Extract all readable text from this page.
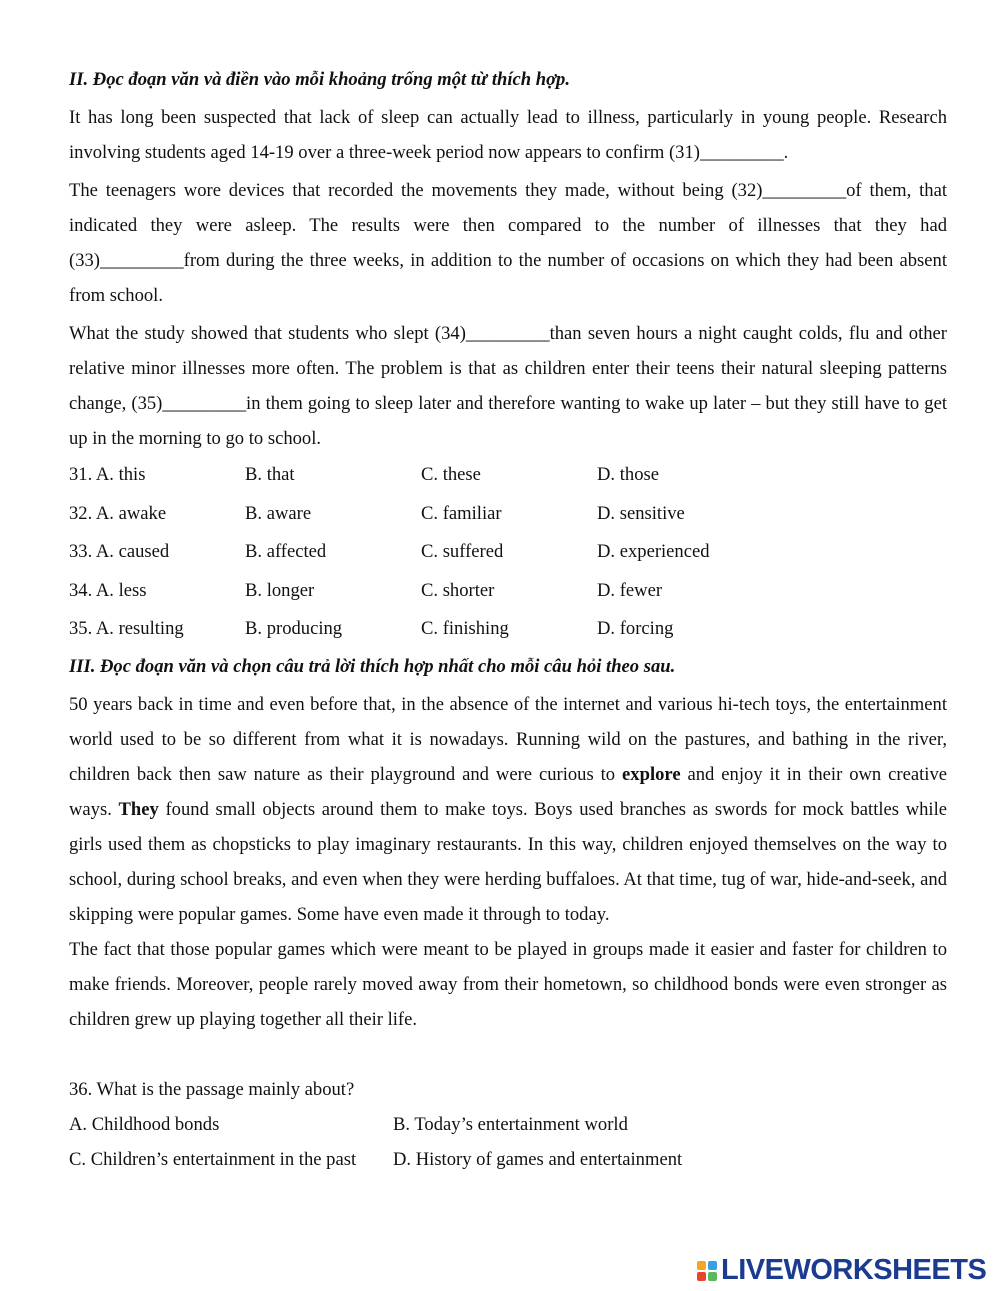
II. Đọc đoạn văn và điền vào mỗi khoảng trống một từ thích hợp.

It has long been suspected that lack of sleep can actually lead to illness, particularly in young people. Research involving students aged 14-19 over a three-week period now appears to confirm (31)_________.

The teenagers wore devices that recorded the movements they made, without being (32)_________of them, that indicated they were asleep. The results were then compared to the number of illnesses that they had (33)_________from during the three weeks, in addition to the number of occasions on which they had been absent from school.

What the study showed that students who slept (34)_________than seven hours a night caught colds, flu and other relative minor illnesses more often. The problem is that as children enter their teens their natural sleeping patterns change, (35)_________in them going to sleep later and therefore wanting to wake up later – but they still have to get up in the morning to go to school.

31. A. this	B. that	C. these	D. those
32. A. awake	B. aware	C. familiar	D. sensitive
33. A. caused	B. affected	C. suffered	D. experienced
34. A. less	B. longer	C. shorter	D. fewer
35. A. resulting	B. producing	C. finishing	D. forcing

III. Đọc đoạn văn và chọn câu trả lời thích hợp nhất cho mỗi câu hỏi theo sau.

50 years back in time and even before that, in the absence of the internet and various hi-tech toys, the entertainment world used to be so different from what it is nowadays. Running wild on the pastures, and bathing in the river, children back then saw nature as their playground and were curious to explore and enjoy it in their own creative ways. They found small objects around them to make toys. Boys used branches as swords for mock battles while girls used them as chopsticks to play imaginary restaurants. In this way, children enjoyed themselves on the way to school, during school breaks, and even when they were herding buffaloes. At that time, tug of war, hide-and-seek, and skipping were popular games. Some have even made it through to today.

The fact that those popular games which were meant to be played in groups made it easier and faster for children to make friends. Moreover, people rarely moved away from their hometown, so childhood bonds were even stronger as children grew up playing together all their life.

36. What is the passage mainly about?

A. Childhood bonds	B. Today’s entertainment world
C. Children’s entertainment in the past	D. History of games and entertainment
LIVEWORKSHEETS
